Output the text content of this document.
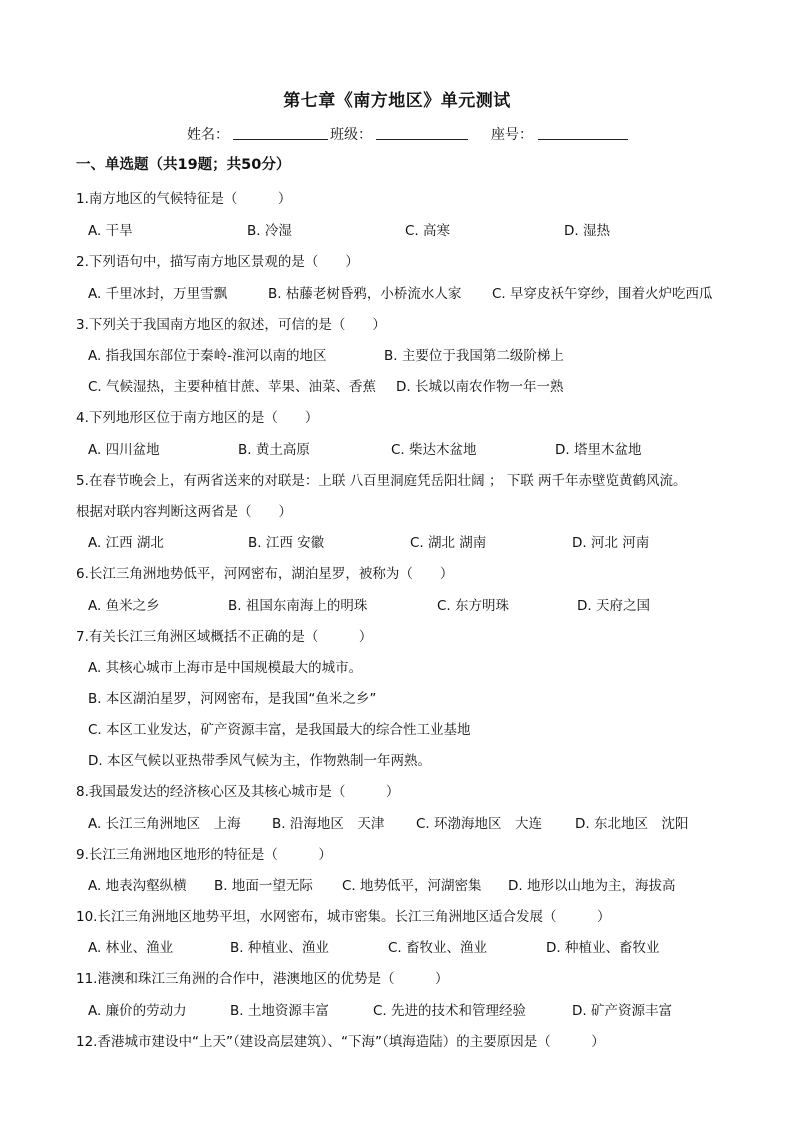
第七章《南方地区》单元测试
姓名：	班级：	座号：
一、单选题（共19题；共50分）
1.南方地区的气候特征是（　　　）
A. 干旱	B. 冷湿	C. 高寒	D. 湿热
2.下列语句中，描写南方地区景观的是（　　）
A. 千里冰封，万里雪飘	B. 枯藤老树昏鸦，小桥流水人家 C. 早穿皮袄午穿纱，围着火炉吃西瓜
3.下列关于我国南方地区的叙述，可信的是（　　）
A. 指我国东部位于秦岭-淮河以南的地区	B. 主要位于我国第二级阶梯上
C. 气候湿热，主要种植甘蔗、苹果、油菜、香蕉 D. 长城以南农作物一年一熟
4.下列地形区位于南方地区的是（　　）
A. 四川盆地	B. 黄土高原	C. 柴达木盆地	D. 塔里木盆地
5.在春节晚会上，有两省送来的对联是：上联 八百里洞庭凭岳阳壮阔 ； 下联 两千年赤壁览黄鹤风流。
根据对联内容判断这两省是（　　）
A. 江西 湖北	B. 江西 安徽	C. 湖北 湖南	D. 河北 河南
6.长江三角洲地势低平，河网密布，湖泊星罗，被称为（　　）
A. 鱼米之乡	B. 祖国东南海上的明珠	C. 东方明珠	D. 天府之国
7.有关长江三角洲区域概括不正确的是（　　　）
A. 其核心城市上海市是中国规模最大的城市。
B. 本区湖泊星罗，河网密布，是我国“鱼米之乡”
C. 本区工业发达，矿产资源丰富，是我国最大的综合性工业基地
D. 本区气候以亚热带季风气候为主，作物熟制一年两熟。
8.我国最发达的经济核心区及其核心城市是（　　　）
A. 长江三角洲地区　上海 B. 沿海地区　天津 C. 环渤海地区　大连 D. 东北地区　沈阳
9.长江三角洲地区地形的特征是（　　　）
A. 地表沟壑纵横 B. 地面一望无际 C. 地势低平，河湖密集 D. 地形以山地为主，海拔高
10.长江三角洲地区地势平坦，水网密布，城市密集。长江三角洲地区适合发展（　　　）
A. 林业、渔业	B. 种植业、渔业	C. 畜牧业、渔业	D. 种植业、畜牧业
11.港澳和珠江三角洲的合作中，港澳地区的优势是（　　　）
A. 廉价的劳动力	B. 土地资源丰富	C. 先进的技术和管理经验	D. 矿产资源丰富
12.香港城市建设中“上天”（建设高层建筑）、“下海”（填海造陆）的主要原因是（　　　）
